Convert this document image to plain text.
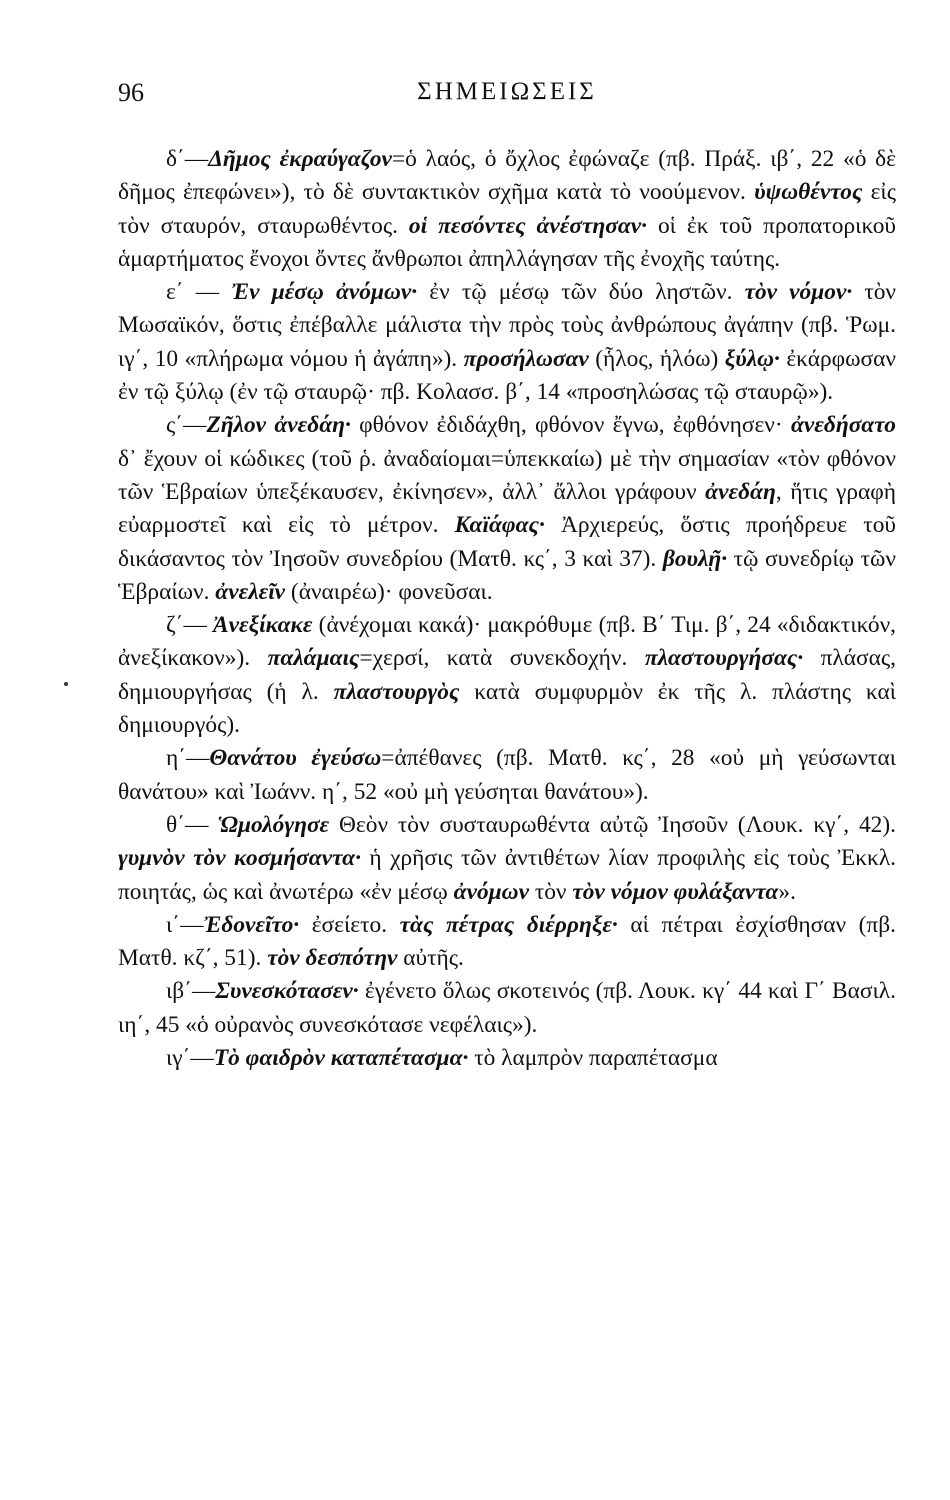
96	ΣΗΜΕΙΩΣΕΙΣ

δ΄—Δῆμος ἐκραύγαζον=ὁ λαός, ὁ ὄχλος ἐφώναζε (πβ. Πράξ. ιβ΄, 22 «ὁ δὲ δῆμος ἐπεφώνει»), τὸ δὲ συντακτικὸν σχῆμα κατὰ τὸ νοούμενον. ὑψωθέντος εἰς τὸν σταυρόν, σταυρωθέντος. οἱ πεσόντες ἀνέστησαν· οἱ ἐκ τοῦ προπατορικοῦ ἁμαρτήματος ἔνοχοι ὄντες ἄνθρωποι ἀπηλλάγησαν τῆς ἐνοχῆς ταύτης.

ε΄ — Ἐν μέσῳ ἀνόμων· ἐν τῷ μέσῳ τῶν δύο ληστῶν. τὸν νόμον· τὸν Μωσαϊκόν, ὅστις ἐπέβαλλε μάλιστα τὴν πρὸς τοὺς ἀνθρώπους ἀγάπην (πβ. Ῥωμ. ιγ΄, 10 «πλήρωμα νόμου ἡ ἀγάπη»). προσήλωσαν (ἧλος, ἡλόω) ξύλῳ· ἐκάρφωσαν ἐν τῷ ξύλῳ (ἐν τῷ σταυρῷ· πβ. Κολασσ. β΄, 14 «προσηλώσας τῷ σταυρῷ»).

ς΄—Ζῆλον ἀνεδάη· φθόνον ἐδιδάχθη, φθόνον ἔγνω, ἐφθόνησεν· ἀνεδήσατο δ᾽ ἔχουν οἱ κώδικες (τοῦ ῥ. ἀναδαίομαι=ὑπεκκαίω) μὲ τὴν σημασίαν «τὸν φθόνον τῶν Ἑβραίων ὑπεξέκαυσεν, ἐκίνησεν», ἀλλ᾽ ἄλλοι γράφουν ἀνεδάη, ἥτις γραφὴ εὐαρμοστεῖ καὶ εἰς τὸ μέτρον. Καϊάφας· Ἀρχιερεύς, ὅστις προήδρευε τοῦ δικάσαντος τὸν Ἰησοῦν συνεδρίου (Ματθ. κς΄, 3 καὶ 37). βουλῇ· τῷ συνεδρίῳ τῶν Ἑβραίων. ἀνελεῖν (ἀναιρέω)· φονεῦσαι.

ζ΄— Ἀνεξίκακε (ἀνέχομαι κακά)· μακρόθυμε (πβ. Β΄ Τιμ. β΄, 24 «διδακτικόν, ἀνεξίκακον»). παλάμαις=χερσί, κατὰ συνεκδοχήν. πλαστουργήσας· πλάσας, δημιουργήσας (ἡ λ. πλαστουργὸς κατὰ συμφυρμὸν ἐκ τῆς λ. πλάστης καὶ δημιουργός).

η΄—Θανάτου ἐγεύσω=ἀπέθανες (πβ. Ματθ. κς΄, 28 «οὐ μὴ γεύσωνται θανάτου» καὶ Ἰωάνν. η΄, 52 «οὐ μὴ γεύσηται θανάτου»).

θ΄— Ὡμολόγησε Θεὸν τὸν συσταυρωθέντα αὐτῷ Ἰησοῦν (Λουκ. κγ΄, 42). γυμνὸν τὸν κοσμήσαντα· ἡ χρῆσις τῶν ἀντιθέτων λίαν προφιλὴς εἰς τοὺς Ἐκκλ. ποιητάς, ὡς καὶ ἀνωτέρω «ἐν μέσῳ ἀνόμων τὸν τὸν νόμον φυλάξαντα».

ι΄—Ἐδονεῖτο· ἐσείετο. τὰς πέτρας διέρρηξε· αἱ πέτραι ἐσχίσθησαν (πβ. Ματθ. κζ΄, 51). τὸν δεσπότην αὐτῆς.

ιβ΄—Συνεσκότασεν· ἐγένετο ὅλως σκοτεινός (πβ. Λουκ. κγ΄ 44 καὶ Γ΄ Βασιλ. ιη΄, 45 «ὁ οὐρανὸς συνεσκότασε νεφέλαις»).

ιγ΄—Τὸ φαιδρὸν καταπέτασμα· τὸ λαμπρὸν παραπέτασμα
